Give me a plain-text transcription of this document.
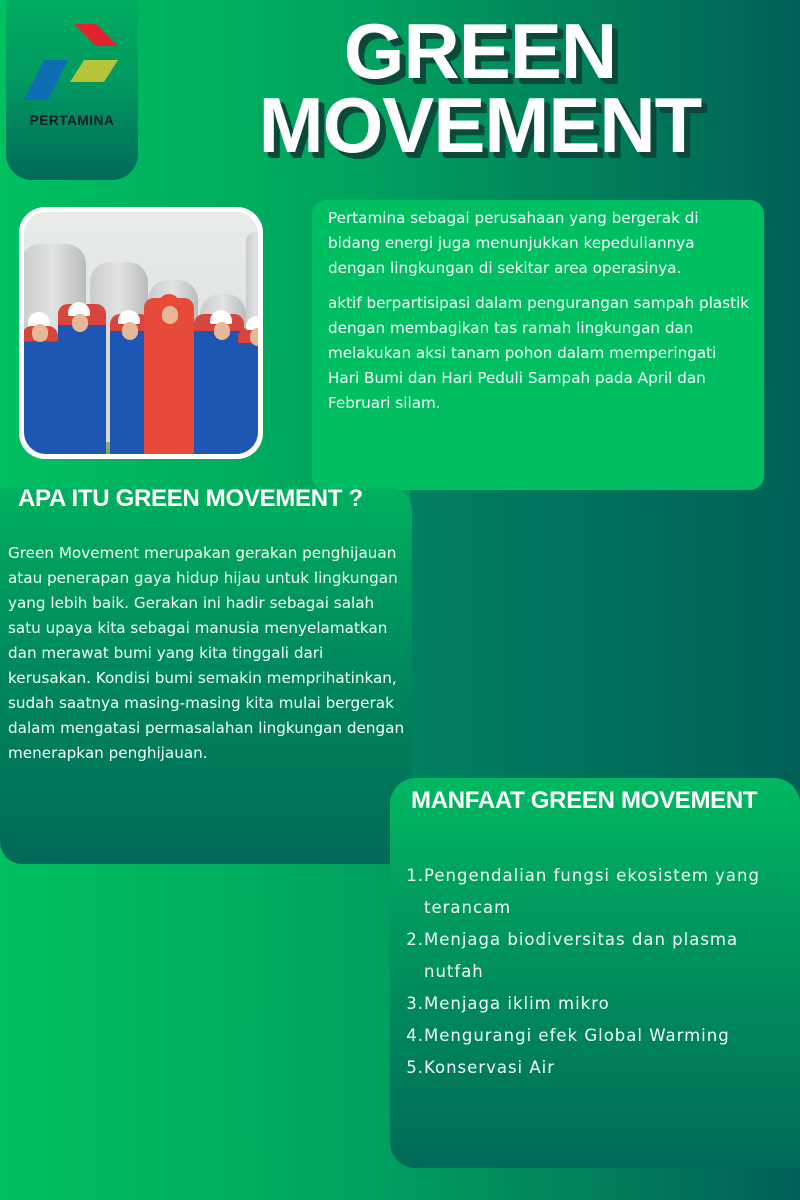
PERTAMINA
GREEN
MOVEMENT

Pertamina sebagai perusahaan yang bergerak di bidang energi juga menunjukkan kepeduliannya dengan lingkungan di sekitar area operasinya.

aktif berpartisipasi dalam pengurangan sampah plastik dengan membagikan tas ramah lingkungan dan melakukan aksi tanam pohon dalam memperingati Hari Bumi dan Hari Peduli Sampah pada April dan Februari silam.

APA ITU GREEN MOVEMENT ?
Green Movement merupakan gerakan penghijauan atau penerapan gaya hidup hijau untuk lingkungan yang lebih baik. Gerakan ini hadir sebagai salah satu upaya kita sebagai manusia menyelamatkan dan merawat bumi yang kita tinggali dari kerusakan. Kondisi bumi semakin memprihatinkan, sudah saatnya masing-masing kita mulai bergerak dalam mengatasi permasalahan lingkungan dengan menerapkan penghijauan.
MANFAAT GREEN MOVEMENT
1. Pengendalian fungsi ekosistem yang terancam
2. Menjaga biodiversitas dan plasma nutfah
3. Menjaga iklim mikro
4. Mengurangi efek Global Warming
5. Konservasi Air
